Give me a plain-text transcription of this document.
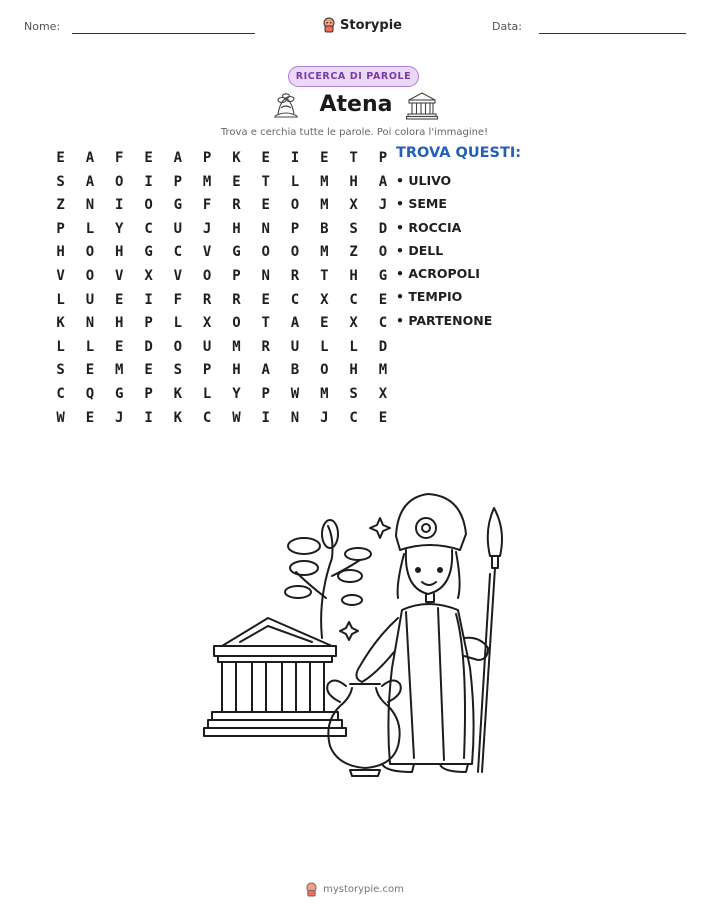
Nome:	Storypie	Data:
RICERCA DI PAROLE
Atena
Trova e cerchia tutte le parole. Poi colora l'immagine!
E	A	F	E	A	P	K	E	I	E	T	P
S	A	O	I	P	M	E	T	L	M	H	A
Z	N	I	O	G	F	R	E	O	M	X	J
P	L	Y	C	U	J	H	N	P	B	S	D
H	O	H	G	C	V	G	O	O	M	Z	O
V	O	V	X	V	O	P	N	R	T	H	G
L	U	E	I	F	R	R	E	C	X	C	E
K	N	H	P	L	X	O	T	A	E	X	C
L	L	E	D	O	U	M	R	U	L	L	D
S	E	M	E	S	P	H	A	B	O	H	M
C	Q	G	P	K	L	Y	P	W	M	S	X
W	E	J	I	K	C	W	I	N	J	C	E
TROVA QUESTI:
• ULIVO
• SEME
• ROCCIA
• DELL
• ACROPOLI
• TEMPIO
• PARTENONE
mystorypie.com
